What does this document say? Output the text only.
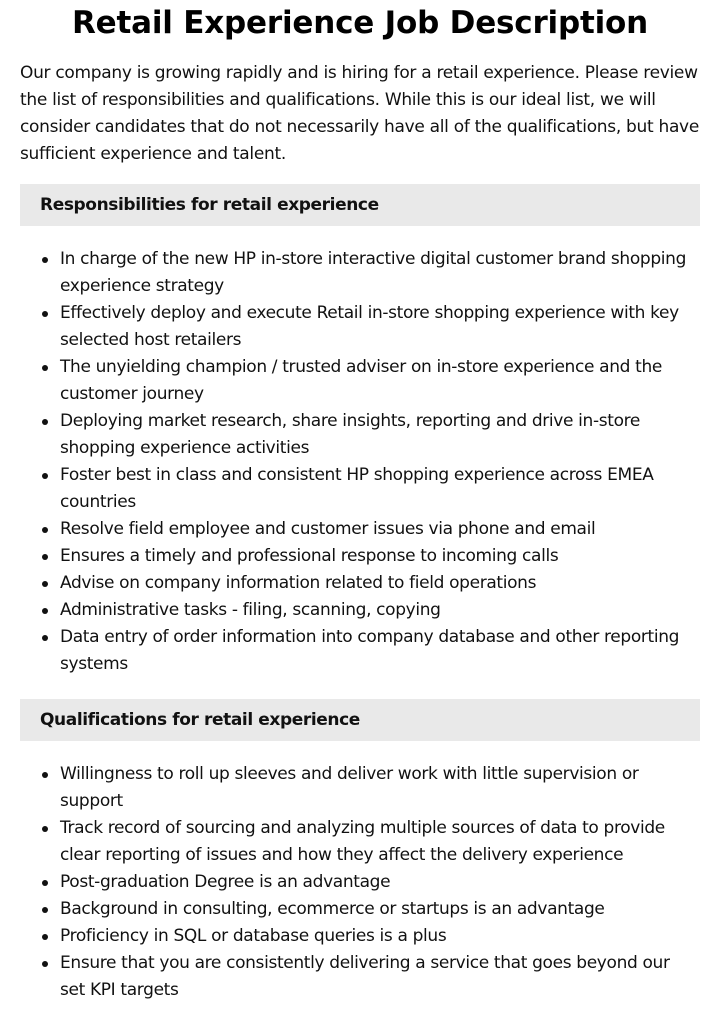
Retail Experience Job Description

Our company is growing rapidly and is hiring for a retail experience. Please review the list of responsibilities and qualifications. While this is our ideal list, we will consider candidates that do not necessarily have all of the qualifications, but have sufficient experience and talent.

Responsibilities for retail experience
In charge of the new HP in-store interactive digital customer brand shopping experience strategy
Effectively deploy and execute Retail in-store shopping experience with key selected host retailers
The unyielding champion / trusted adviser on in-store experience and the customer journey
Deploying market research, share insights, reporting and drive in-store shopping experience activities
Foster best in class and consistent HP shopping experience across EMEA countries
Resolve field employee and customer issues via phone and email
Ensures a timely and professional response to incoming calls
Advise on company information related to field operations
Administrative tasks - filing, scanning, copying
Data entry of order information into company database and other reporting systems
Qualifications for retail experience
Willingness to roll up sleeves and deliver work with little supervision or support
Track record of sourcing and analyzing multiple sources of data to provide clear reporting of issues and how they affect the delivery experience
Post-graduation Degree is an advantage
Background in consulting, ecommerce or startups is an advantage
Proficiency in SQL or database queries is a plus
Ensure that you are consistently delivering a service that goes beyond our set KPI targets
